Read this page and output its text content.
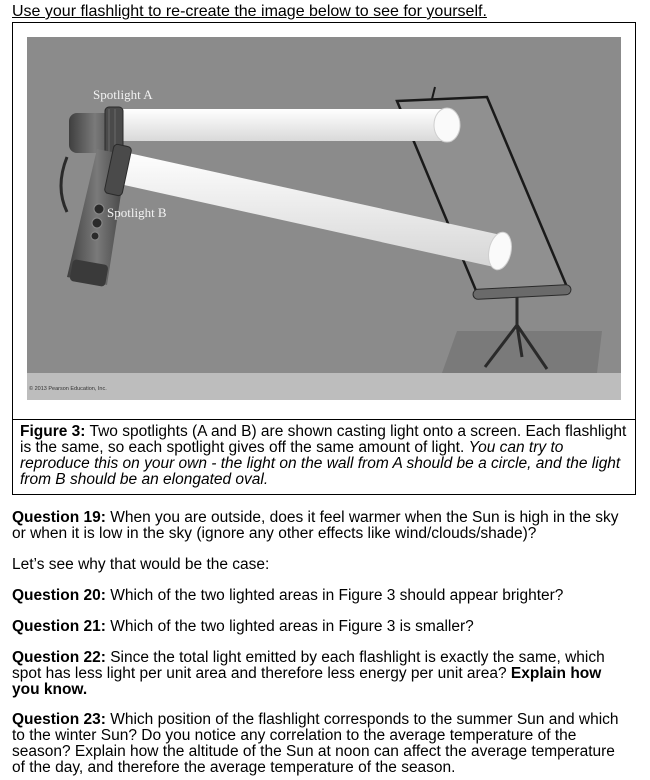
Use your flashlight to re-create the image below to see for yourself.

Spotlight A
Spotlight B
© 2013 Pearson Education, Inc.

Figure 3: Two spotlights (A and B) are shown casting light onto a screen. Each flashlight is the same, so each spotlight gives off the same amount of light. You can try to reproduce this on your own - the light on the wall from A should be a circle, and the light from B should be an elongated oval.

Question 19: When you are outside, does it feel warmer when the Sun is high in the sky or when it is low in the sky (ignore any other effects like wind/clouds/shade)?

Let’s see why that would be the case:

Question 20: Which of the two lighted areas in Figure 3 should appear brighter?

Question 21: Which of the two lighted areas in Figure 3 is smaller?

Question 22: Since the total light emitted by each flashlight is exactly the same, which spot has less light per unit area and therefore less energy per unit area? Explain how you know.

Question 23: Which position of the flashlight corresponds to the summer Sun and which to the winter Sun? Do you notice any correlation to the average temperature of the season? Explain how the altitude of the Sun at noon can affect the average temperature of the day, and therefore the average temperature of the season.
